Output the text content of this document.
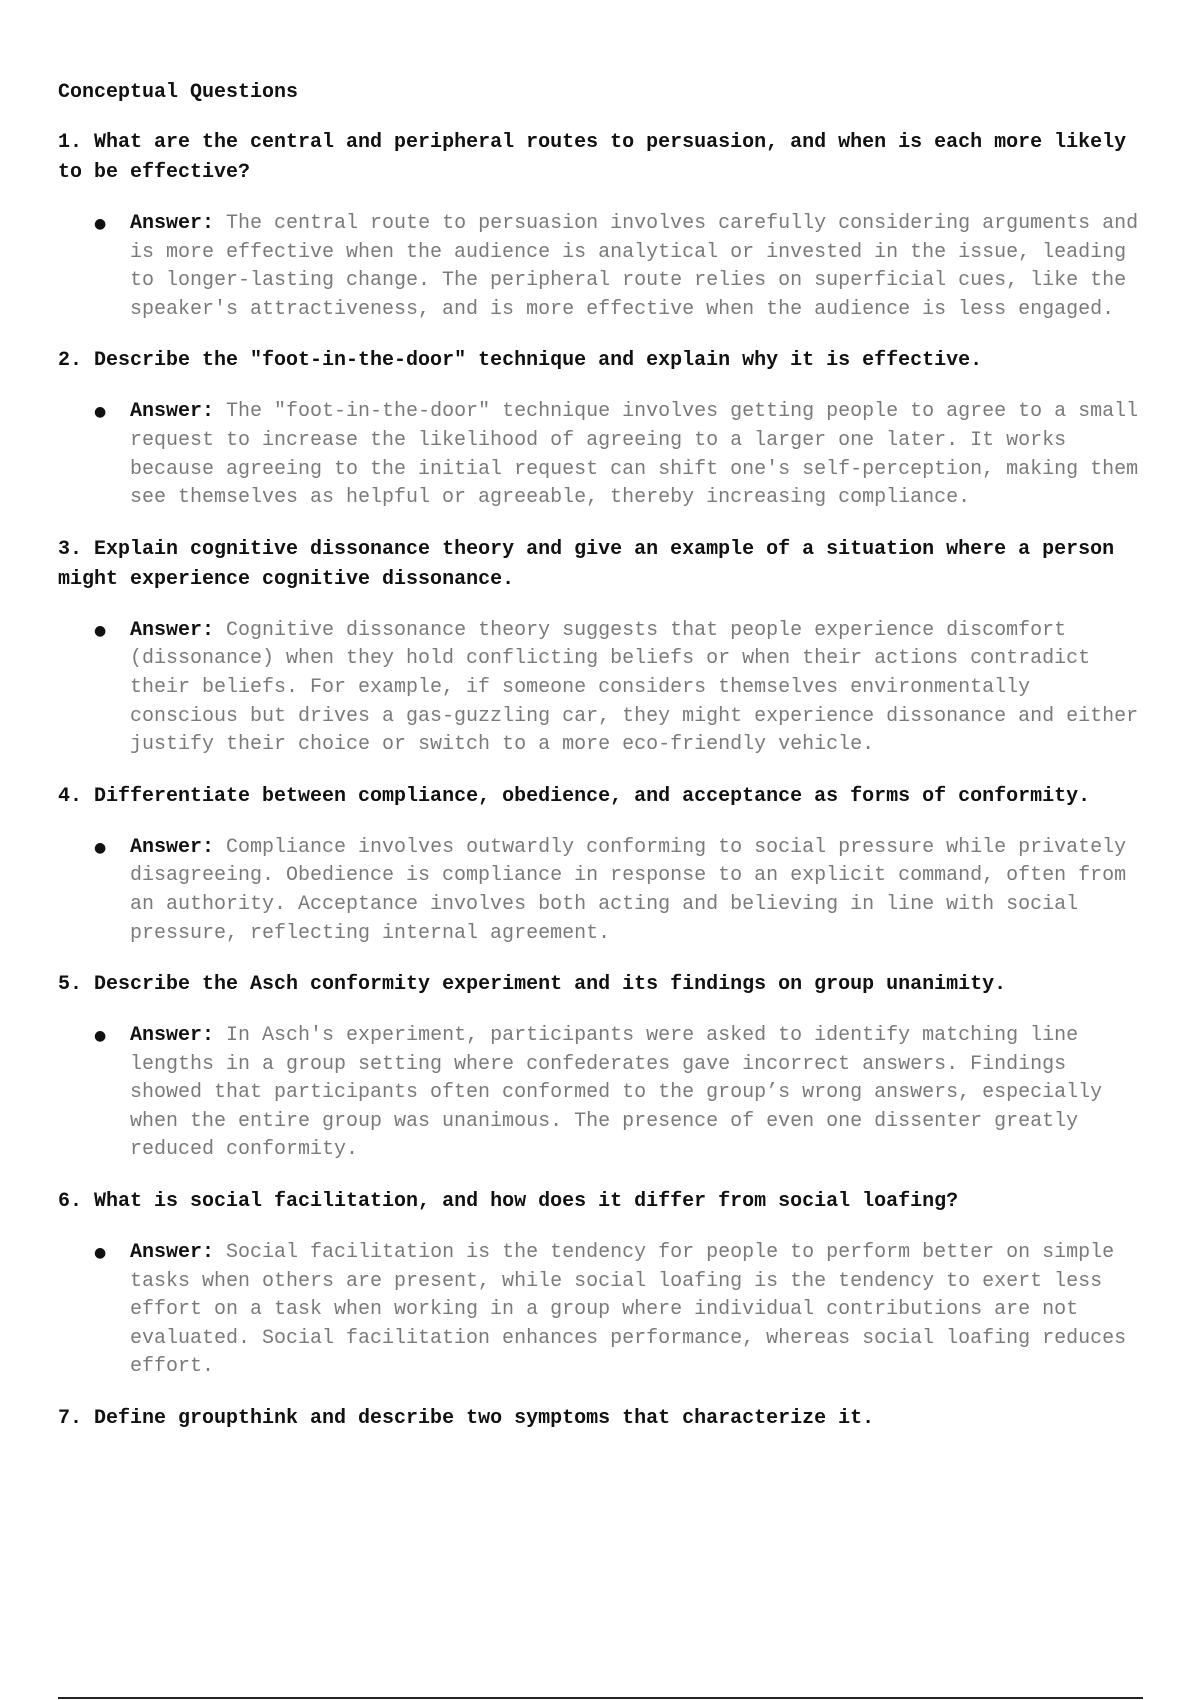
Conceptual Questions
1. What are the central and peripheral routes to persuasion, and when is each more likely to be effective?
● Answer: The central route to persuasion involves carefully considering arguments and is more effective when the audience is analytical or invested in the issue, leading to longer-lasting change. The peripheral route relies on superficial cues, like the speaker's attractiveness, and is more effective when the audience is less engaged.
2. Describe the "foot-in-the-door" technique and explain why it is effective.
● Answer: The "foot-in-the-door" technique involves getting people to agree to a small request to increase the likelihood of agreeing to a larger one later. It works because agreeing to the initial request can shift one's self-perception, making them see themselves as helpful or agreeable, thereby increasing compliance.
3. Explain cognitive dissonance theory and give an example of a situation where a person might experience cognitive dissonance.
● Answer: Cognitive dissonance theory suggests that people experience discomfort (dissonance) when they hold conflicting beliefs or when their actions contradict their beliefs. For example, if someone considers themselves environmentally conscious but drives a gas-guzzling car, they might experience dissonance and either justify their choice or switch to a more eco-friendly vehicle.
4. Differentiate between compliance, obedience, and acceptance as forms of conformity.
● Answer: Compliance involves outwardly conforming to social pressure while privately disagreeing. Obedience is compliance in response to an explicit command, often from an authority. Acceptance involves both acting and believing in line with social pressure, reflecting internal agreement.
5. Describe the Asch conformity experiment and its findings on group unanimity.
● Answer: In Asch's experiment, participants were asked to identify matching line lengths in a group setting where confederates gave incorrect answers. Findings showed that participants often conformed to the group’s wrong answers, especially when the entire group was unanimous. The presence of even one dissenter greatly reduced conformity.
6. What is social facilitation, and how does it differ from social loafing?
● Answer: Social facilitation is the tendency for people to perform better on simple tasks when others are present, while social loafing is the tendency to exert less effort on a task when working in a group where individual contributions are not evaluated. Social facilitation enhances performance, whereas social loafing reduces effort.
7. Define groupthink and describe two symptoms that characterize it.
